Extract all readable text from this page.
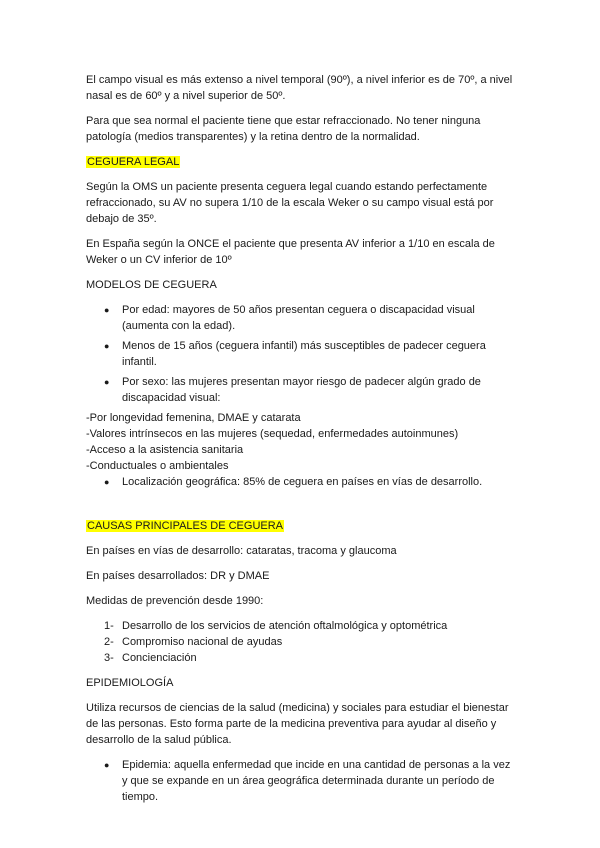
El campo visual es más extenso a nivel temporal (90º), a nivel inferior es de 70º, a nivel nasal es de 60º y a nivel superior de 50º.

Para que sea normal el paciente tiene que estar refraccionado. No tener ninguna patología (medios transparentes) y la retina dentro de la normalidad.

CEGUERA LEGAL

Según la OMS un paciente presenta ceguera legal cuando estando perfectamente refraccionado, su AV no supera 1/10 de la escala Weker o su campo visual está por debajo de 35º.

En España según la ONCE el paciente que presenta AV inferior a 1/10 en escala de Weker o un CV inferior de 10º

MODELOS DE CEGUERA

● Por edad: mayores de 50 años presentan ceguera o discapacidad visual (aumenta con la edad).
● Menos de 15 años (ceguera infantil) más susceptibles de padecer ceguera infantil.
● Por sexo: las mujeres presentan mayor riesgo de padecer algún grado de discapacidad visual:
-Por longevidad femenina, DMAE y catarata
-Valores intrínsecos en las mujeres (sequedad, enfermedades autoinmunes)
-Acceso a la asistencia sanitaria
-Conductuales o ambientales
● Localización geográfica: 85% de ceguera en países en vías de desarrollo.

CAUSAS PRINCIPALES DE CEGUERA

En países en vías de desarrollo: cataratas, tracoma y glaucoma

En países desarrollados: DR y DMAE

Medidas de prevención desde 1990:

1- Desarrollo de los servicios de atención oftalmológica y optométrica
2- Compromiso nacional de ayudas
3- Concienciación

EPIDEMIOLOGÍA

Utiliza recursos de ciencias de la salud (medicina) y sociales para estudiar el bienestar de las personas. Esto forma parte de la medicina preventiva para ayudar al diseño y desarrollo de la salud pública.

● Epidemia: aquella enfermedad que incide en una cantidad de personas a la vez y que se expande en un área geográfica determinada durante un período de tiempo.
